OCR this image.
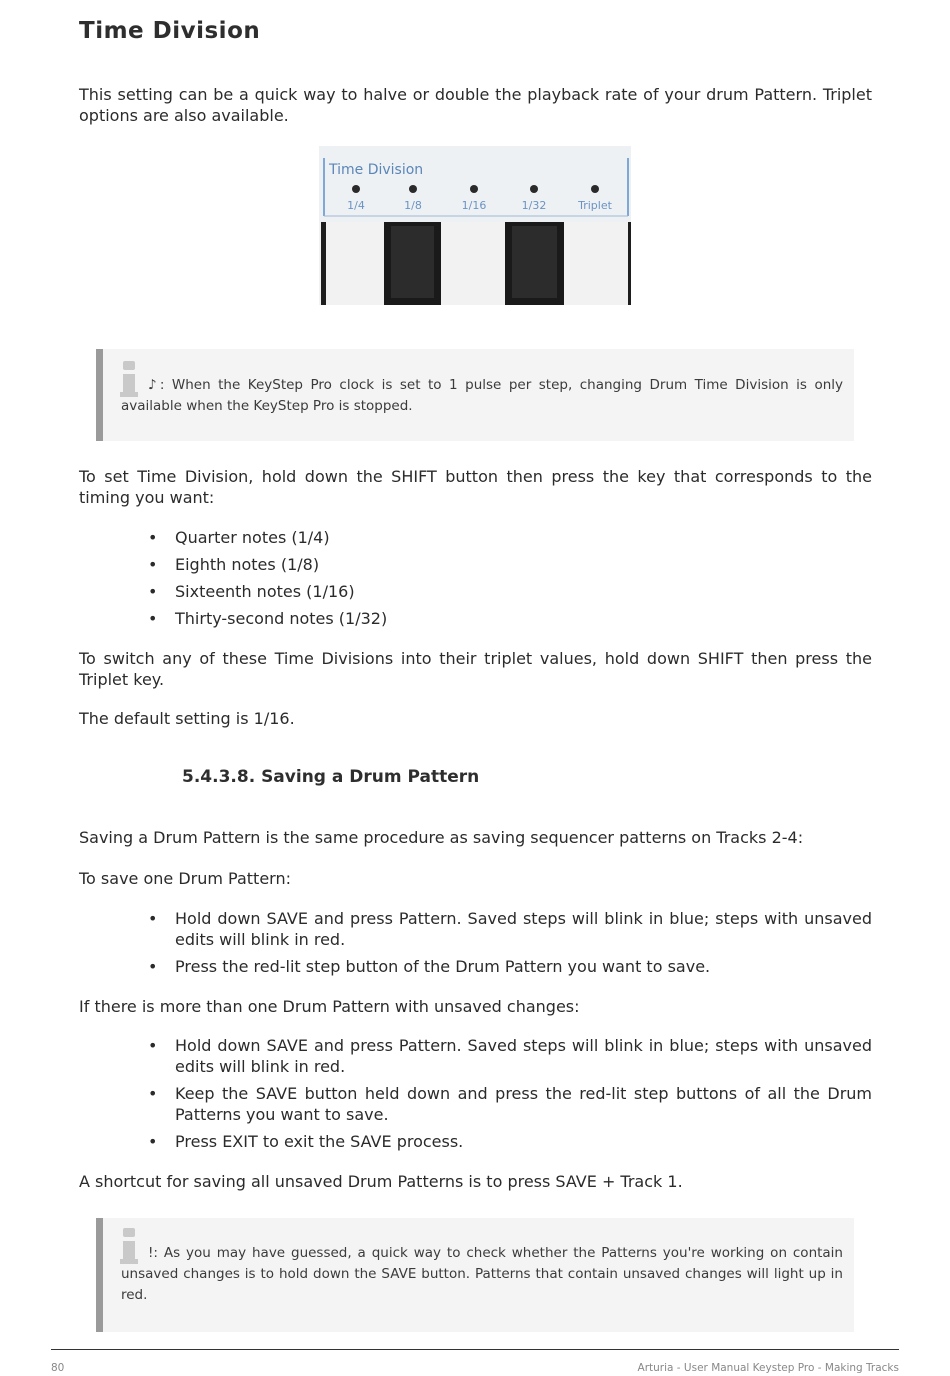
Time Division

This setting can be a quick way to halve or double the playback rate of your drum Pattern. Triplet options are also available.

Time Division
1/4	1/8	1/16	1/32	Triplet

♪: When the KeyStep Pro clock is set to 1 pulse per step, changing Drum Time Division is only available when the KeyStep Pro is stopped.

To set Time Division, hold down the SHIFT button then press the key that corresponds to the timing you want:

• Quarter notes (1/4)
• Eighth notes (1/8)
• Sixteenth notes (1/16)
• Thirty-second notes (1/32)

To switch any of these Time Divisions into their triplet values, hold down SHIFT then press the Triplet key.

The default setting is 1/16.

5.4.3.8. Saving a Drum Pattern

Saving a Drum Pattern is the same procedure as saving sequencer patterns on Tracks 2-4:

To save one Drum Pattern:

• Hold down SAVE and press Pattern. Saved steps will blink in blue; steps with unsaved edits will blink in red.
• Press the red-lit step button of the Drum Pattern you want to save.

If there is more than one Drum Pattern with unsaved changes:

• Hold down SAVE and press Pattern. Saved steps will blink in blue; steps with unsaved edits will blink in red.
• Keep the SAVE button held down and press the red-lit step buttons of all the Drum Patterns you want to save.
• Press EXIT to exit the SAVE process.

A shortcut for saving all unsaved Drum Patterns is to press SAVE + Track 1.

!: As you may have guessed, a quick way to check whether the Patterns you're working on contain unsaved changes is to hold down the SAVE button. Patterns that contain unsaved changes will light up in red.

80	Arturia - User Manual Keystep Pro - Making Tracks
